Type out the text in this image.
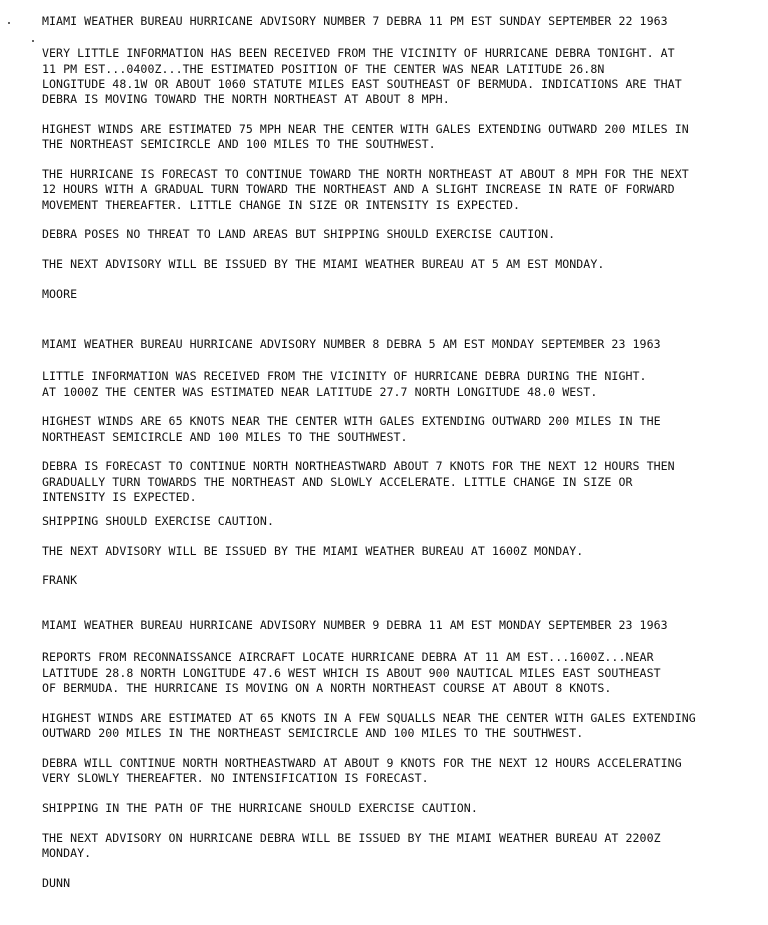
MIAMI WEATHER BUREAU HURRICANE ADVISORY NUMBER 7 DEBRA 11 PM EST SUNDAY SEPTEMBER 22 1963
VERY LITTLE INFORMATION HAS BEEN RECEIVED FROM THE VICINITY OF HURRICANE DEBRA TONIGHT. AT
11 PM EST...0400Z...THE ESTIMATED POSITION OF THE CENTER WAS NEAR LATITUDE 26.8N
LONGITUDE 48.1W OR ABOUT 1060 STATUTE MILES EAST SOUTHEAST OF BERMUDA. INDICATIONS ARE THAT
DEBRA IS MOVING TOWARD THE NORTH NORTHEAST AT ABOUT 8 MPH.
HIGHEST WINDS ARE ESTIMATED 75 MPH NEAR THE CENTER WITH GALES EXTENDING OUTWARD 200 MILES IN
THE NORTHEAST SEMICIRCLE AND 100 MILES TO THE SOUTHWEST.
THE HURRICANE IS FORECAST TO CONTINUE TOWARD THE NORTH NORTHEAST AT ABOUT 8 MPH FOR THE NEXT
12 HOURS WITH A GRADUAL TURN TOWARD THE NORTHEAST AND A SLIGHT INCREASE IN RATE OF FORWARD
MOVEMENT THEREAFTER. LITTLE CHANGE IN SIZE OR INTENSITY IS EXPECTED.
DEBRA POSES NO THREAT TO LAND AREAS BUT SHIPPING SHOULD EXERCISE CAUTION.
THE NEXT ADVISORY WILL BE ISSUED BY THE MIAMI WEATHER BUREAU AT 5 AM EST MONDAY.
MOORE
MIAMI WEATHER BUREAU HURRICANE ADVISORY NUMBER 8 DEBRA 5 AM EST MONDAY SEPTEMBER 23 1963
LITTLE INFORMATION WAS RECEIVED FROM THE VICINITY OF HURRICANE DEBRA DURING THE NIGHT.
AT 1000Z THE CENTER WAS ESTIMATED NEAR LATITUDE 27.7 NORTH LONGITUDE 48.0 WEST.
HIGHEST WINDS ARE 65 KNOTS NEAR THE CENTER WITH GALES EXTENDING OUTWARD 200 MILES IN THE
NORTHEAST SEMICIRCLE AND 100 MILES TO THE SOUTHWEST.
DEBRA IS FORECAST TO CONTINUE NORTH NORTHEASTWARD ABOUT 7 KNOTS FOR THE NEXT 12 HOURS THEN
GRADUALLY TURN TOWARDS THE NORTHEAST AND SLOWLY ACCELERATE. LITTLE CHANGE IN SIZE OR
INTENSITY IS EXPECTED.
SHIPPING SHOULD EXERCISE CAUTION.
THE NEXT ADVISORY WILL BE ISSUED BY THE MIAMI WEATHER BUREAU AT 1600Z MONDAY.
FRANK
MIAMI WEATHER BUREAU HURRICANE ADVISORY NUMBER 9 DEBRA 11 AM EST MONDAY SEPTEMBER 23 1963
REPORTS FROM RECONNAISSANCE AIRCRAFT LOCATE HURRICANE DEBRA AT 11 AM EST...1600Z...NEAR
LATITUDE 28.8 NORTH LONGITUDE 47.6 WEST WHICH IS ABOUT 900 NAUTICAL MILES EAST SOUTHEAST
OF BERMUDA. THE HURRICANE IS MOVING ON A NORTH NORTHEAST COURSE AT ABOUT 8 KNOTS.
HIGHEST WINDS ARE ESTIMATED AT 65 KNOTS IN A FEW SQUALLS NEAR THE CENTER WITH GALES EXTENDING
OUTWARD 200 MILES IN THE NORTHEAST SEMICIRCLE AND 100 MILES TO THE SOUTHWEST.
DEBRA WILL CONTINUE NORTH NORTHEASTWARD AT ABOUT 9 KNOTS FOR THE NEXT 12 HOURS ACCELERATING
VERY SLOWLY THEREAFTER. NO INTENSIFICATION IS FORECAST.
SHIPPING IN THE PATH OF THE HURRICANE SHOULD EXERCISE CAUTION.
THE NEXT ADVISORY ON HURRICANE DEBRA WILL BE ISSUED BY THE MIAMI WEATHER BUREAU AT 2200Z
MONDAY.
DUNN
